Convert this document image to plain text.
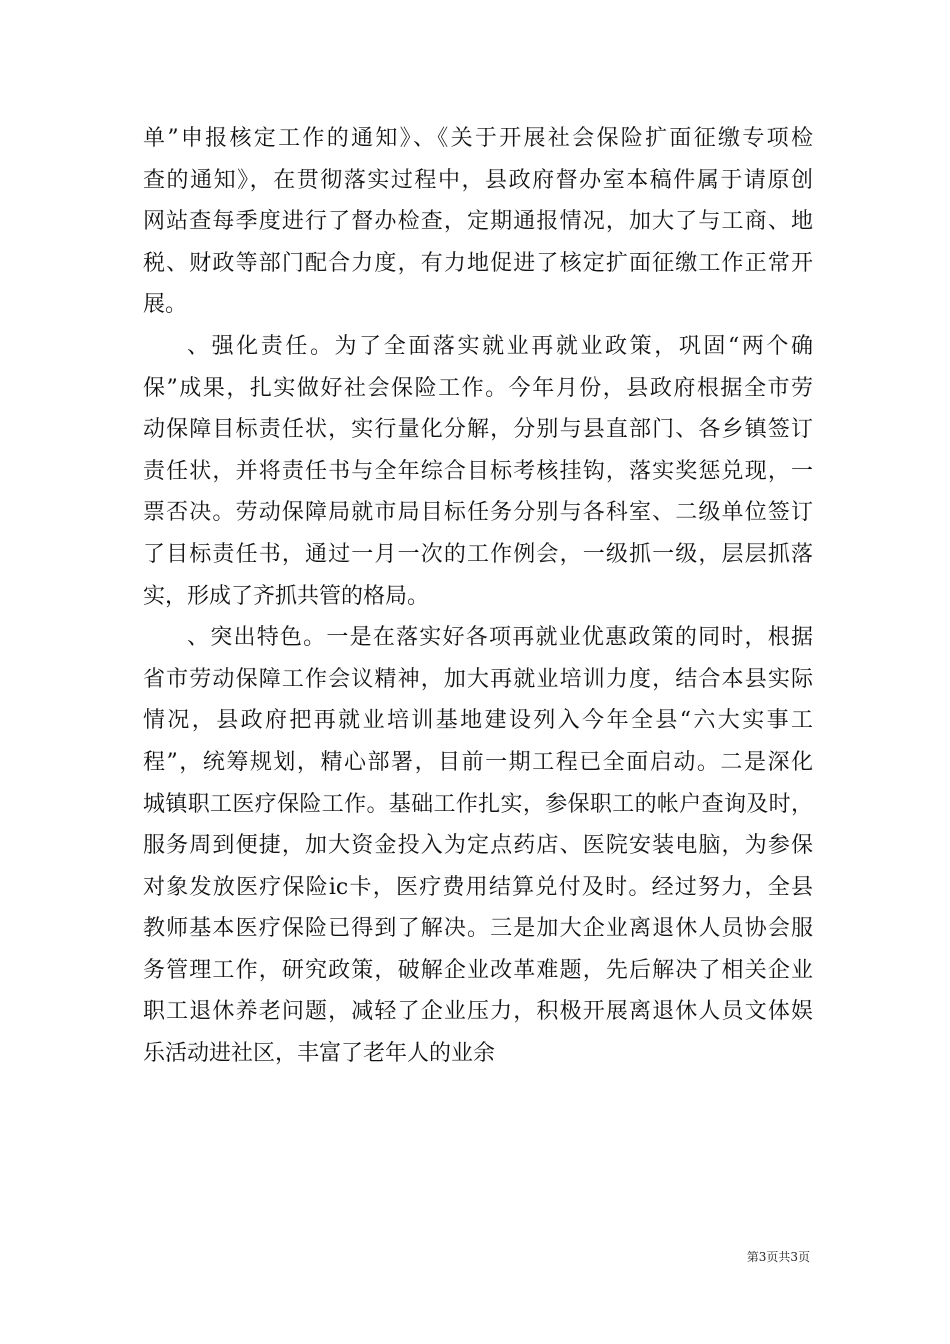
单”申报核定工作的通知》、《关于开展社会保险扩面征缴专项检
查的通知》，在贯彻落实过程中，县政府督办室本稿件属于请原创
网站查每季度进行了督办检查，定期通报情况，加大了与工商、地
税、财政等部门配合力度，有力地促进了核定扩面征缴工作正常开
展。
、强化责任。为了全面落实就业再就业政策，巩固“两个确
保”成果，扎实做好社会保险工作。今年月份，县政府根据全市劳
动保障目标责任状，实行量化分解，分别与县直部门、各乡镇签订
责任状，并将责任书与全年综合目标考核挂钩，落实奖惩兑现，一
票否决。劳动保障局就市局目标任务分别与各科室、二级单位签订
了目标责任书，通过一月一次的工作例会，一级抓一级，层层抓落
实，形成了齐抓共管的格局。
、突出特色。一是在落实好各项再就业优惠政策的同时，根据
省市劳动保障工作会议精神，加大再就业培训力度，结合本县实际
情况，县政府把再就业培训基地建设列入今年全县“六大实事工
程”，统筹规划，精心部署，目前一期工程已全面启动。二是深化
城镇职工医疗保险工作。基础工作扎实，参保职工的帐户查询及时，
服务周到便捷，加大资金投入为定点药店、医院安装电脑，为参保
对象发放医疗保险ic卡，医疗费用结算兑付及时。经过努力，全县
教师基本医疗保险已得到了解决。三是加大企业离退休人员协会服
务管理工作，研究政策，破解企业改革难题，先后解决了相关企业
职工退休养老问题，减轻了企业压力，积极开展离退休人员文体娱
乐活动进社区，丰富了老年人的业余
第3页共3页
